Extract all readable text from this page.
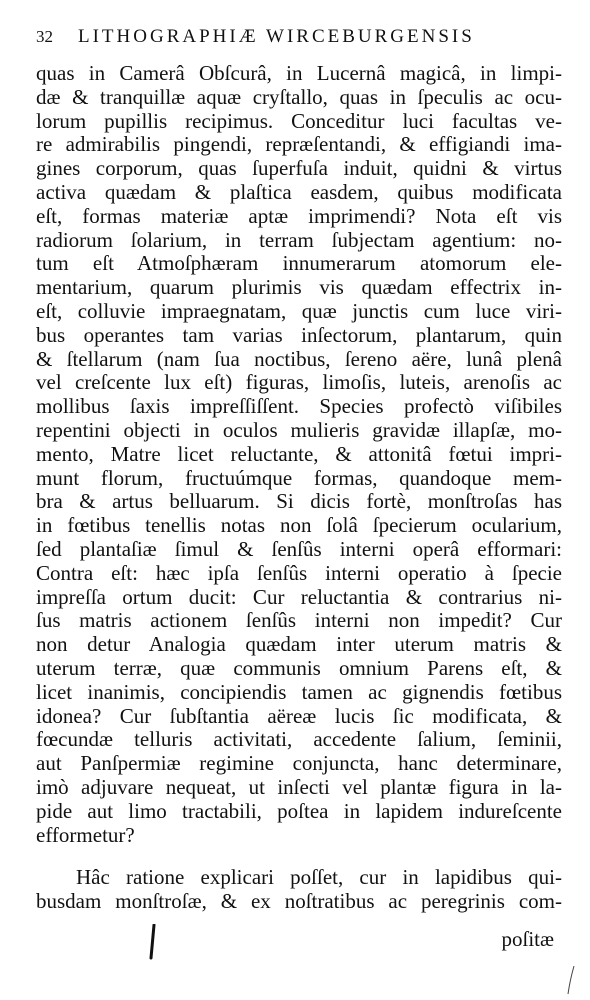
32 LITHOGRAPHIÆ WIRCEBURGENSIS
quas in Camerâ Obſcurâ, in Lucernâ magicâ, in limpi-
dæ & tranquillæ aquæ cryſtallo, quas in ſpeculis ac ocu-
lorum pupillis recipimus. Conceditur luci facultas ve-
re admirabilis pingendi, repræſentandi, & effigiandi ima-
gines corporum, quas ſuperfuſa induit, quidni & virtus
activa quædam & plaſtica easdem, quibus modificata
eſt, formas materiæ aptæ imprimendi? Nota eſt vis
radiorum ſolarium, in terram ſubjectam agentium: no-
tum eſt Atmoſphæram innumerarum atomorum ele-
mentarium, quarum plurimis vis quædam effectrix in-
eſt, colluvie impraegnatam, quæ junctis cum luce viri-
bus operantes tam varias inſectorum, plantarum, quin
& ſtellarum (nam ſua noctibus, ſereno aëre, lunâ plenâ
vel creſcente lux eſt) figuras, limoſis, luteis, arenoſis ac
mollibus ſaxis impreſſiſſent. Species profectò viſibiles
repentini objecti in oculos mulieris gravidæ illapſæ, mo-
mento, Matre licet reluctante, & attonitâ fœtui impri-
munt florum, fructuúmque formas, quandoque mem-
bra & artus belluarum. Si dicis fortè, monſtroſas has
in fœtibus tenellis notas non ſolâ ſpecierum ocularium,
ſed plantaſiæ ſimul & ſenſûs interni operâ efformari:
Contra eſt: hæc ipſa ſenſûs interni operatio à ſpecie
impreſſa ortum ducit: Cur reluctantia & contrarius ni-
ſus matris actionem ſenſûs interni non impedit? Cur
non detur Analogia quædam inter uterum matris &
uterum terræ, quæ communis omnium Parens eſt, &
licet inanimis, concipiendis tamen ac gignendis fœtibus
idonea? Cur ſubſtantia aëreæ lucis ſic modificata, &
fœcundæ telluris activitati, accedente ſalium, ſeminii,
aut Panſpermiæ regimine conjuncta, hanc determinare,
imò adjuvare nequeat, ut inſecti vel plantæ figura in la-
pide aut limo tractabili, poſtea in lapidem indureſcente
efformetur?
Hâc ratione explicari poſſet, cur in lapidibus qui-
busdam monſtroſæ, & ex noſtratibus ac peregrinis com-
poſitæ
